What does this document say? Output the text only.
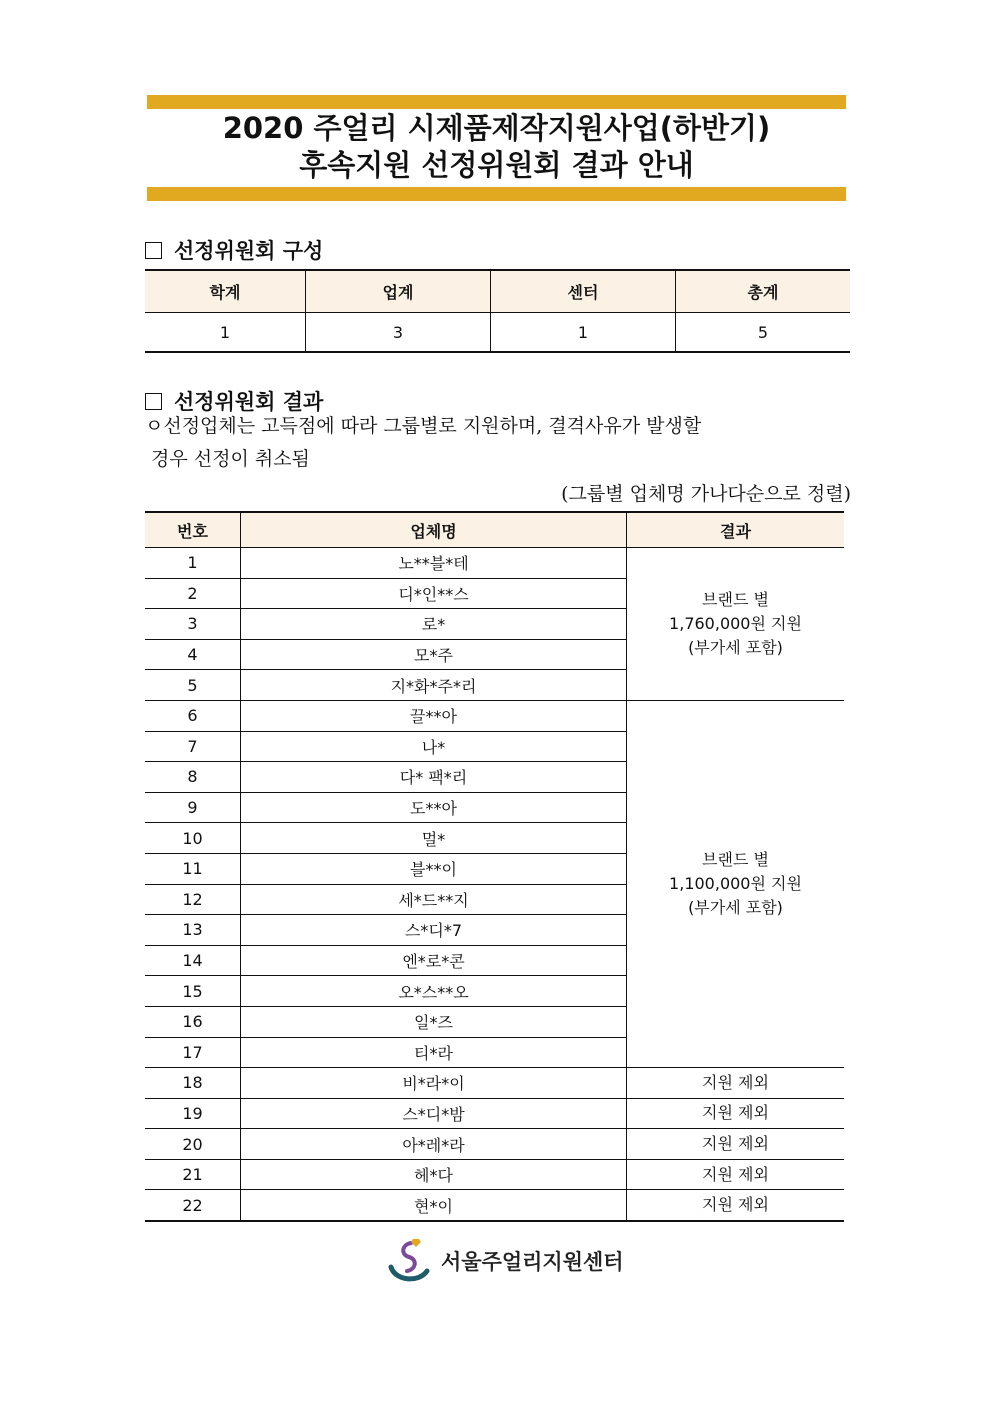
2020 주얼리 시제품제작지원사업(하반기)
후속지원 선정위원회 결과 안내
선정위원회 구성
학계	업계	센터	총계
1	3	1	5
선정위원회 결과
ㅇ선정업체는 고득점에 따라 그룹별로 지원하며, 결격사유가 발생할
경우 선정이 취소됨
(그룹별 업체명 가나다순으로 정렬)
번호	업체명	결과
1	노**블*테	브랜드 별
1,760,000원 지원
(부가세 포함)

2	디*인**스	
3	로*	
4	모*주	
5	지*화*주*리	
6	끌**아	브랜드 별
1,100,000원 지원
(부가세 포함)

7	나*	
8	다* 팩*리	
9	도**아	
10	멀*	
11	블**이	
12	세*드**지	
13	스*디*7	
14	엔*로*콘	
15	오*스**오	
16	일*즈	
17	티*라	
18	비*라*이	지원 제외
19	스*디*밤	지원 제외
20	아*레*라	지원 제외
21	헤*다	지원 제외
22	현*이	지원 제외
서울주얼리지원센터
